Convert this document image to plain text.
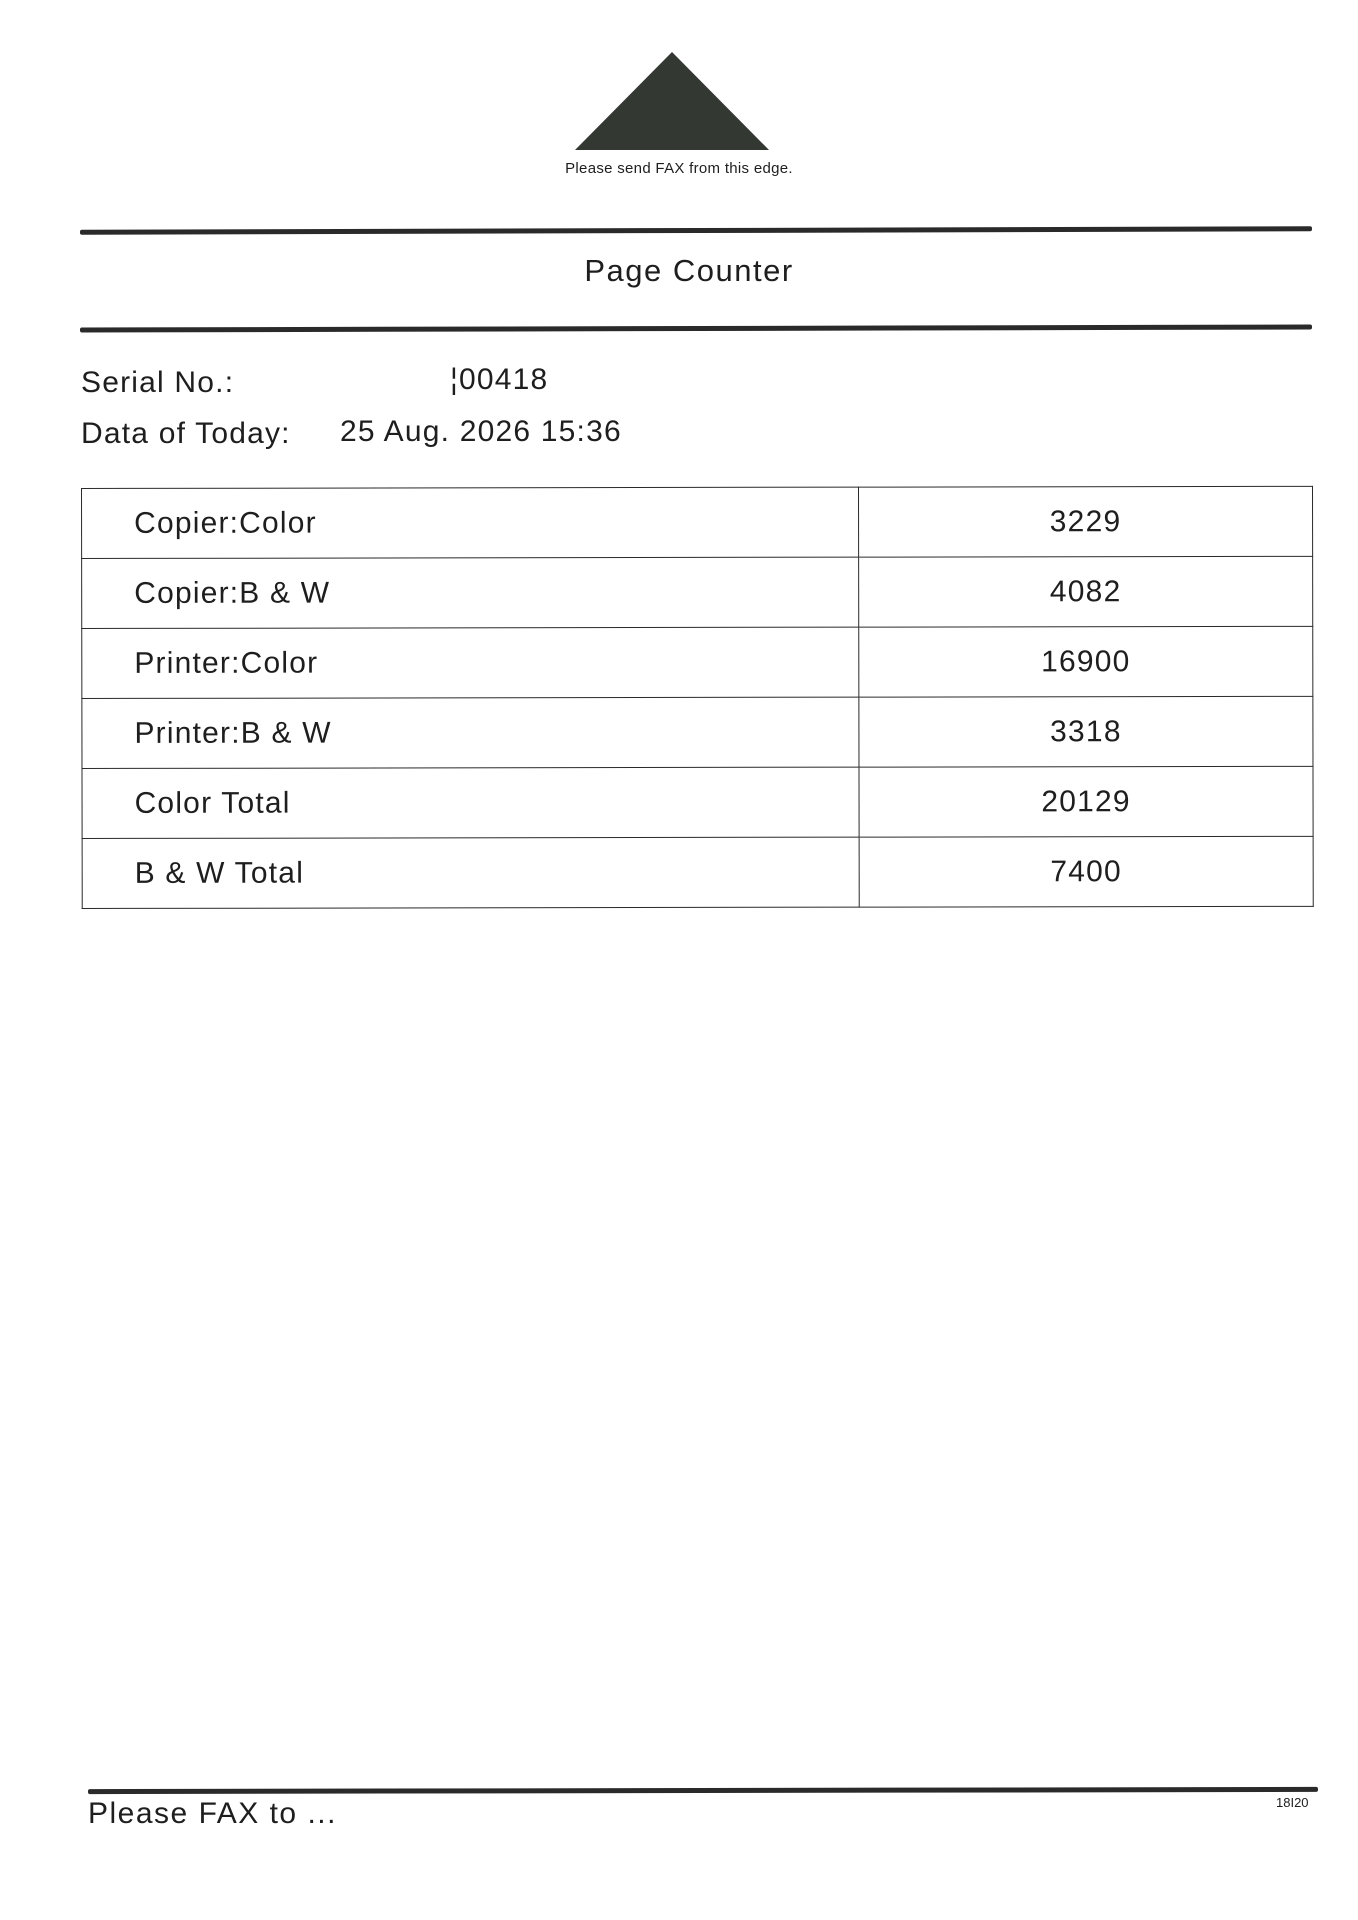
Please send FAX from this edge.
Page Counter
Serial No.:	¦00418
Data of Today: 25 Aug. 2026 15:36
Copier:Color	3229
Copier:B & W	4082
Printer:Color	16900
Printer:B & W	3318
Color Total	20129
B & W Total	7400
Please FAX to ...	18I20
